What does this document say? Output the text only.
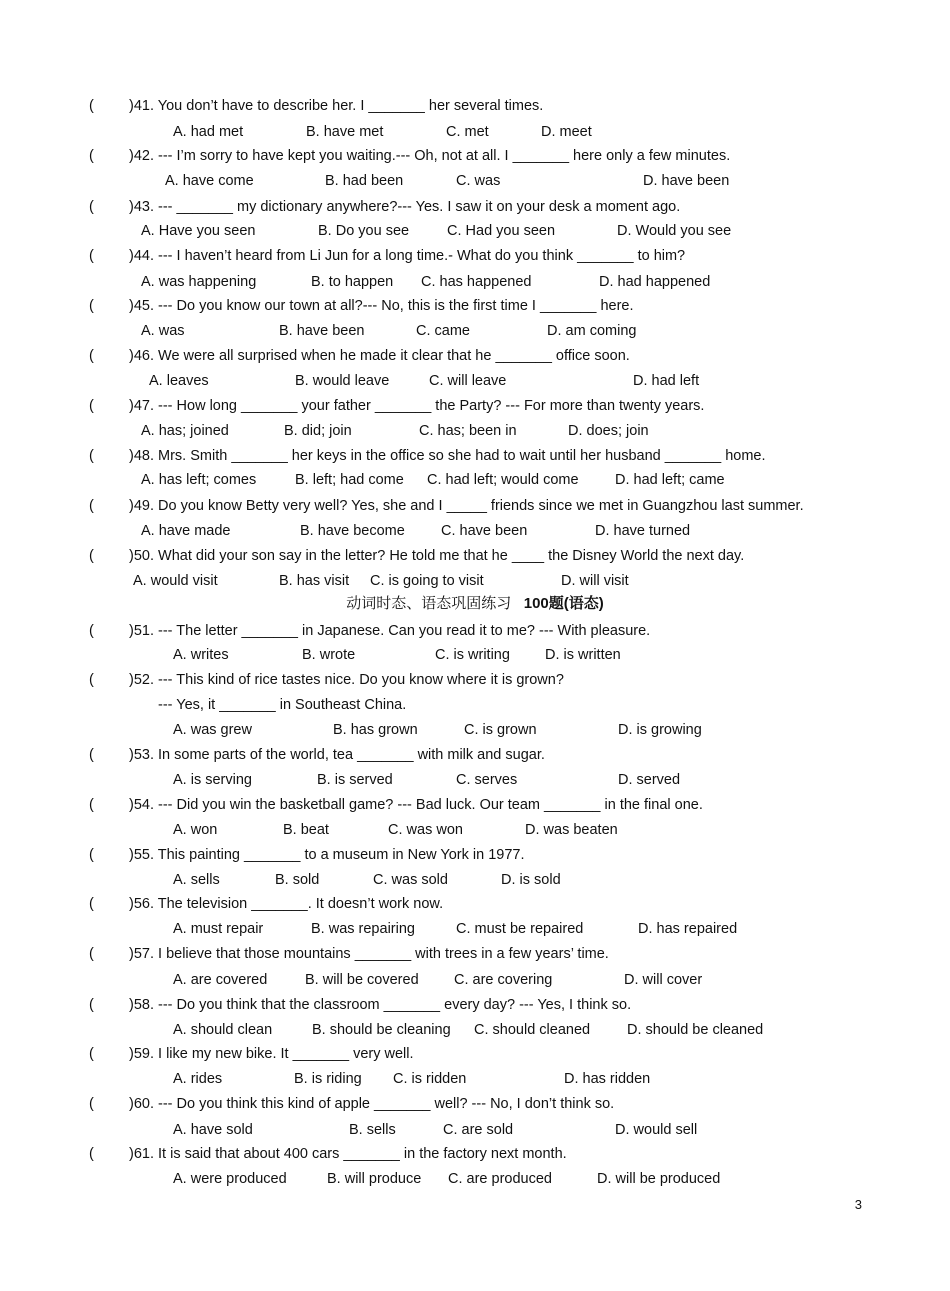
( )41. You don’t have to describe her. I _______ her several times.
A. had met	B. have met	C. met	D. meet
( )42. --- I’m sorry to have kept you waiting.--- Oh, not at all. I _______ here only a few minutes.
A. have come	B. had been	C. was	D. have been
( )43. --- _______ my dictionary anywhere?--- Yes. I saw it on your desk a moment ago.
A. Have you seen	B. Do you see	C. Had you seen	D. Would you see
( )44. --- I haven’t heard from Li Jun for a long time.- What do you think _______ to him?
A. was happening	B. to happen C. has happened	D. had happened
( )45. --- Do you know our town at all?--- No, this is the first time I _______ here.
A. was	B. have been	C. came	D. am coming
( )46. We were all surprised when he made it clear that he _______ office soon.
A. leaves	B. would leave	C. will leave	D. had left
( )47. --- How long _______ your father _______ the Party? --- For more than twenty years.
A. has; joined	B. did; join	C. has; been in	D. does; join
( )48. Mrs. Smith _______ her keys in the office so she had to wait until her husband _______ home.
A. has left; comes	B. left; had come C. had left; would come	D. had left; came
( )49. Do you know Betty very well? Yes, she and I _____ friends since we met in Guangzhou last summer.
A. have made	B. have become C. have been	D. have turned
( )50. What did your son say in the letter? He told me that he ____ the Disney World the next day.
A. would visit	B. has visit C. is going to visit	D. will visit
动词时态、语态巩固练习 100题(语态)
( )51. --- The letter _______ in Japanese. Can you read it to me? --- With pleasure.
A. writes	B. wrote	C. is writing D. is written
( )52. --- This kind of rice tastes nice. Do you know where it is grown?
--- Yes, it _______ in Southeast China.
A. was grew	B. has grown	C. is grown	D. is growing
( )53. In some parts of the world, tea _______ with milk and sugar.
A. is serving	B. is served	C. serves	D. served
( )54. --- Did you win the basketball game? --- Bad luck. Our team _______ in the final one.
A. won	B. beat	C. was won	D. was beaten
( )55. This painting _______ to a museum in New York in 1977.
A. sells	B. sold	C. was sold	D. is sold
( )56. The television _______. It doesn’t work now.
A. must repair	B. was repairing	C. must be repaired	D. has repaired
( )57. I believe that those mountains _______ with trees in a few years’ time.
A. are covered	B. will be covered C. are covering	D. will cover
( )58. --- Do you think that the classroom _______ every day? --- Yes, I think so.
A. should clean	B. should be cleaning C. should cleaned	D. should be cleaned
( )59. I like my new bike. It _______ very well.
A. rides	B. is riding C. is ridden	D. has ridden
( )60. --- Do you think this kind of apple _______ well? --- No, I don’t think so.
A. have sold	B. sells	C. are sold	D. would sell
( )61. It is said that about 400 cars _______ in the factory next month.
A. were produced	B. will produce C. are produced	D. will be produced
3
